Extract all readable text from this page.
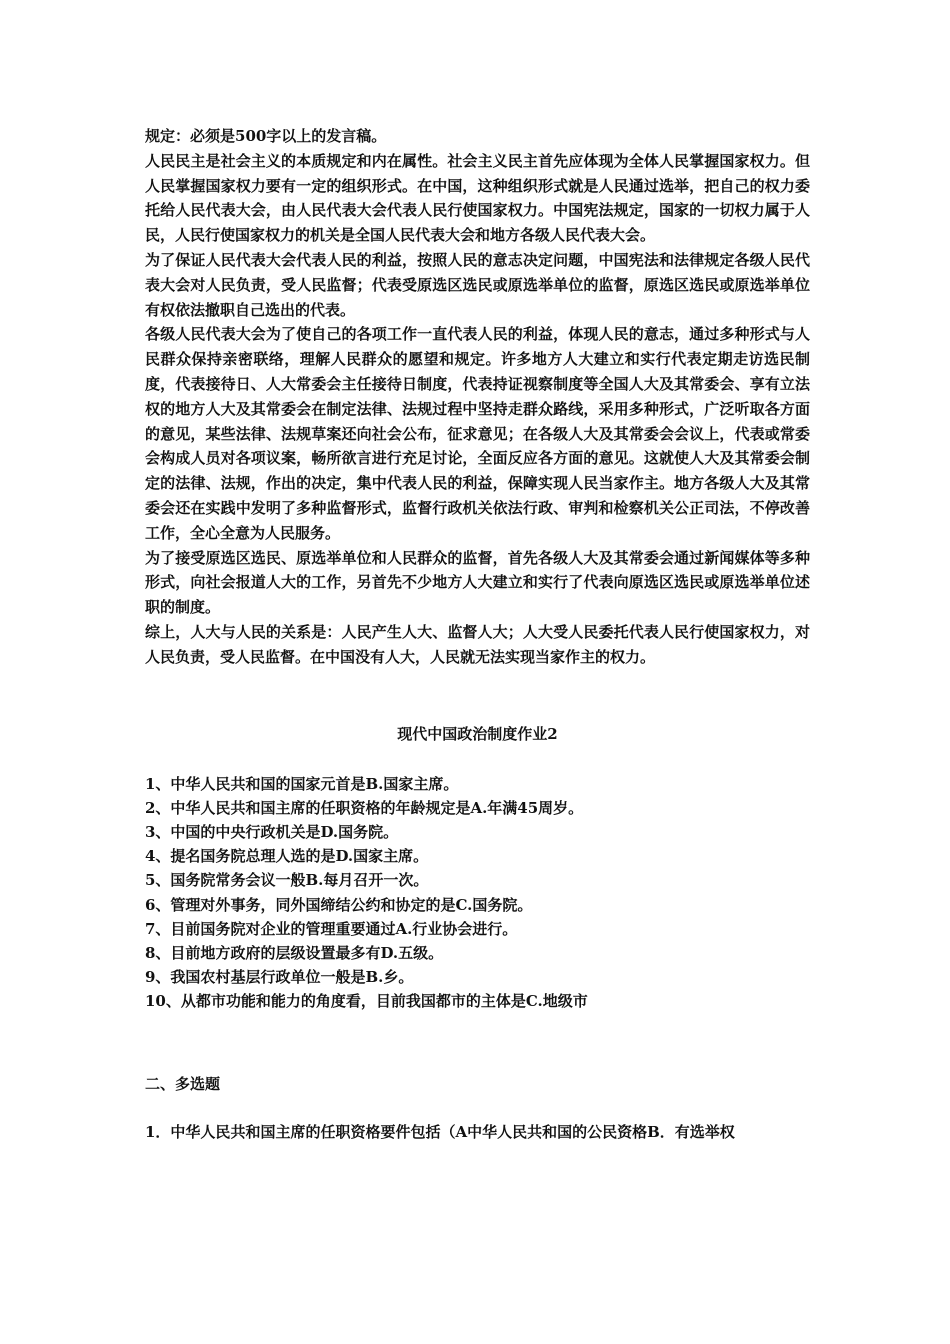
规定：必须是500字以上的发言稿。

人民民主是社会主义的本质规定和内在属性。社会主义民主首先应体现为全体人民掌握国家权力。但人民掌握国家权力要有一定的组织形式。在中国，这种组织形式就是人民通过选举，把自己的权力委托给人民代表大会，由人民代表大会代表人民行使国家权力。中国宪法规定，国家的一切权力属于人民，人民行使国家权力的机关是全国人民代表大会和地方各级人民代表大会。

为了保证人民代表大会代表人民的利益，按照人民的意志决定问题，中国宪法和法律规定各级人民代表大会对人民负责，受人民监督；代表受原选区选民或原选举单位的监督，原选区选民或原选举单位有权依法撤职自己选出的代表。

各级人民代表大会为了使自己的各项工作一直代表人民的利益，体现人民的意志，通过多种形式与人民群众保持亲密联络，理解人民群众的愿望和规定。许多地方人大建立和实行代表定期走访选民制度，代表接待日、人大常委会主任接待日制度，代表持证视察制度等全国人大及其常委会、享有立法权的地方人大及其常委会在制定法律、法规过程中坚持走群众路线，采用多种形式，广泛听取各方面的意见，某些法律、法规草案还向社会公布，征求意见；在各级人大及其常委会会议上，代表或常委会构成人员对各项议案，畅所欲言进行充足讨论，全面反应各方面的意见。这就使人大及其常委会制定的法律、法规，作出的决定，集中代表人民的利益，保障实现人民当家作主。地方各级人大及其常委会还在实践中发明了多种监督形式，监督行政机关依法行政、审判和检察机关公正司法，不停改善工作，全心全意为人民服务。

为了接受原选区选民、原选举单位和人民群众的监督，首先各级人大及其常委会通过新闻媒体等多种形式，向社会报道人大的工作，另首先不少地方人大建立和实行了代表向原选区选民或原选举单位述职的制度。

综上，人大与人民的关系是：人民产生人大、监督人大；人大受人民委托代表人民行使国家权力，对人民负责，受人民监督。在中国没有人大，人民就无法实现当家作主的权力。

现代中国政治制度作业2

1、中华人民共和国的国家元首是B.国家主席。

2、中华人民共和国主席的任职资格的年龄规定是A.年满45周岁。

3、中国的中央行政机关是D.国务院。

4、提名国务院总理人选的是D.国家主席。

5、国务院常务会议一般B.每月召开一次。

6、管理对外事务，同外国缔结公约和协定的是C.国务院。

7、目前国务院对企业的管理重要通过A.行业协会进行。

8、目前地方政府的层级设置最多有D.五级。

9、我国农村基层行政单位一般是B.乡。

10、从都市功能和能力的角度看，目前我国都市的主体是C.地级市

二、多选题

1．中华人民共和国主席的任职资格要件包括（A中华人民共和国的公民资格B．有选举权
